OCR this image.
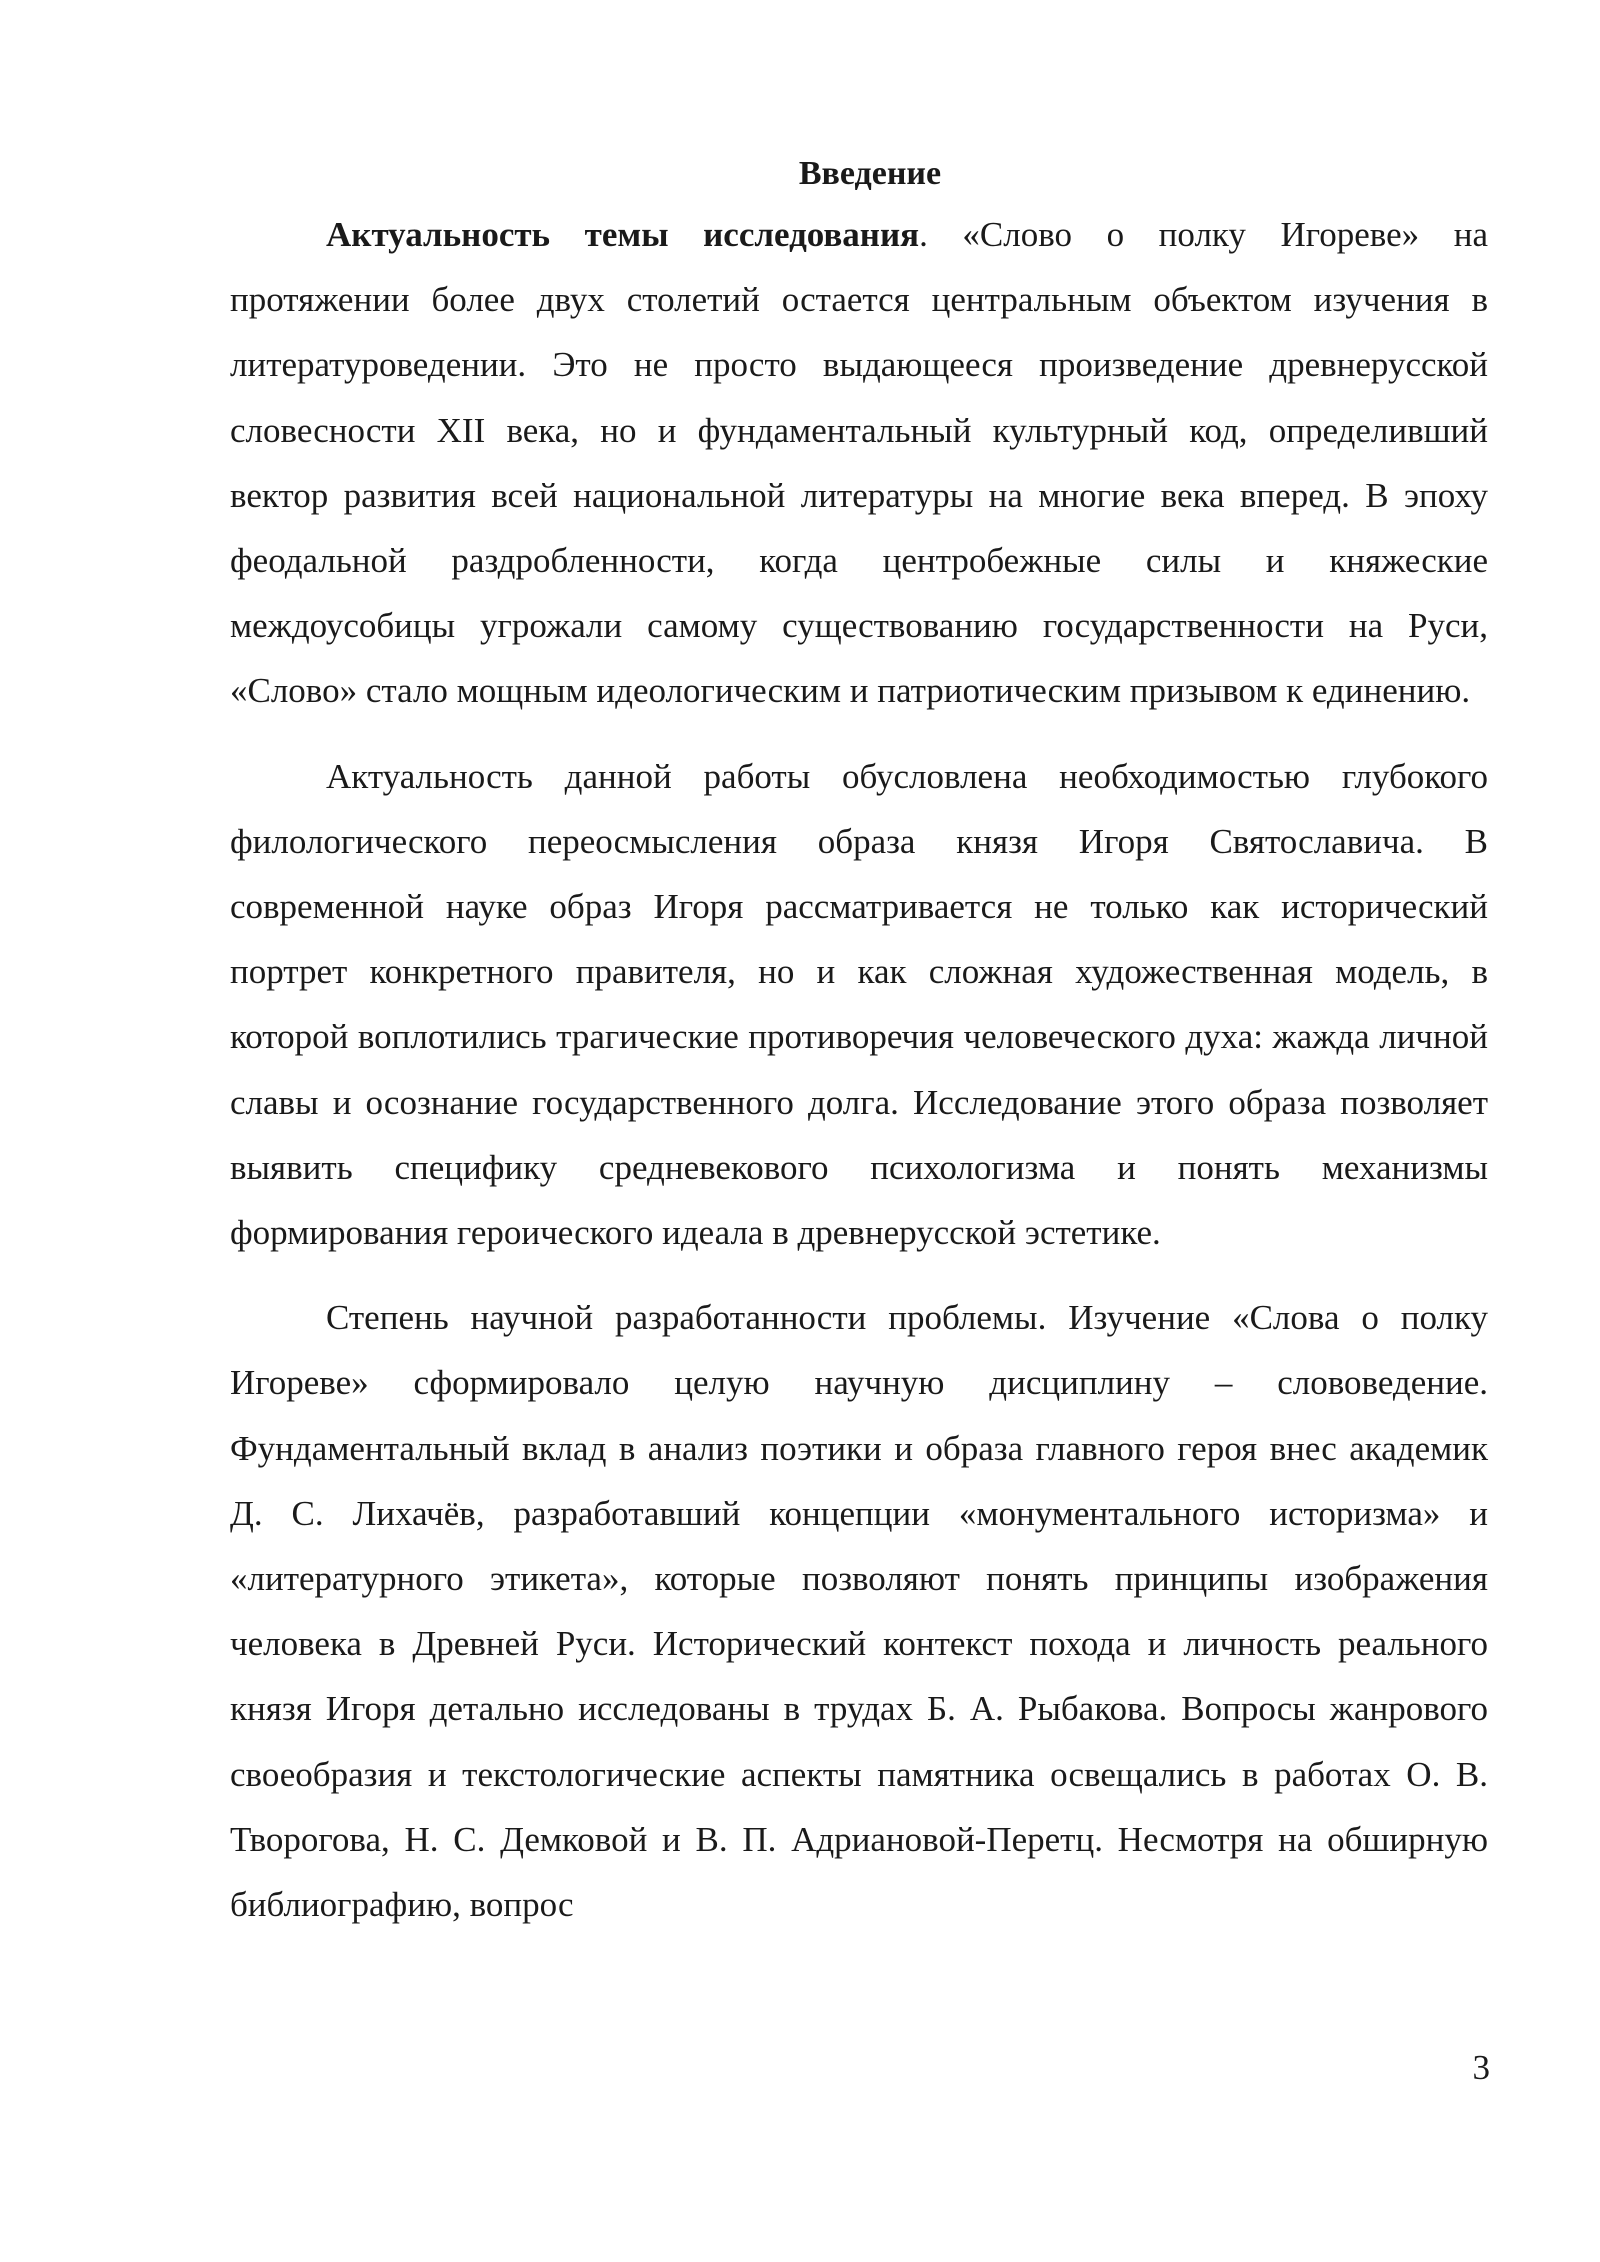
Введение

Актуальность темы исследования. «Слово о полку Игореве» на протяжении более двух столетий остается центральным объектом изучения в литературоведении. Это не просто выдающееся произведение древнерусской словесности XII века, но и фундаментальный культурный код, определивший вектор развития всей национальной литературы на многие века вперед. В эпоху феодальной раздробленности, когда центробежные силы и княжеские междоусобицы угрожали самому существованию государственности на Руси, «Слово» стало мощным идеологическим и патриотическим призывом к единению.

Актуальность данной работы обусловлена необходимостью глубокого филологического переосмысления образа князя Игоря Святославича. В современной науке образ Игоря рассматривается не только как исторический портрет конкретного правителя, но и как сложная художественная модель, в которой воплотились трагические противоречия человеческого духа: жажда личной славы и осознание государственного долга. Исследование этого образа позволяет выявить специфику средневекового психологизма и понять механизмы формирования героического идеала в древнерусской эстетике.

Степень научной разработанности проблемы. Изучение «Слова о полку Игореве» сформировало целую научную дисциплину – слововедение. Фундаментальный вклад в анализ поэтики и образа главного героя внес академик Д. С. Лихачёв, разработавший концепции «монументального историзма» и «литературного этикета», которые позволяют понять принципы изображения человека в Древней Руси. Исторический контекст похода и личность реального князя Игоря детально исследованы в трудах Б. А. Рыбакова. Вопросы жанрового своеобразия и текстологические аспекты памятника освещались в работах О. В. Творогова, Н. С. Демковой и В. П. Адриановой-Перетц. Несмотря на обширную библиографию, вопрос

3
